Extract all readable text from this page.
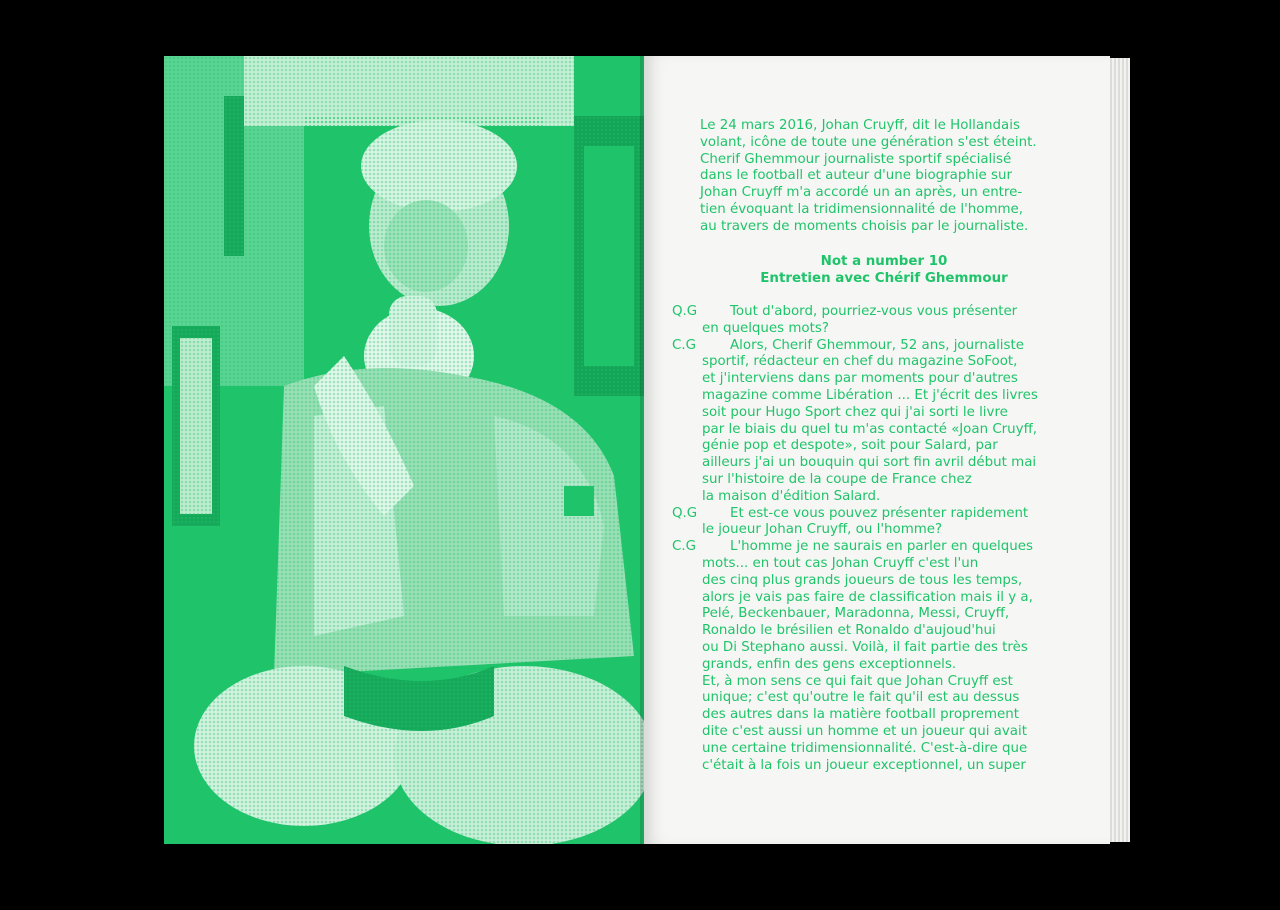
Le 24 mars 2016, Johan Cruyff, dit le Hollandais

volant, icône de toute une génération s'est éteint.

Cherif Ghemmour journaliste sportif spécialisé

dans le football et auteur d'une biographie sur

Johan Cruyff m'a accordé un an après, un entre-

tien évoquant la tridimensionnalité de l'homme,

au travers de moments choisis par le journaliste.

Not a number 10
Entretien avec Chérif Ghemmour
Q.G	Tout d'abord, pourriez-vous vous présenter
en quelques mots?
C.G	Alors, Cherif Ghemmour, 52 ans, journaliste
sportif, rédacteur en chef du magazine SoFoot,
et j'interviens dans par moments pour d'autres
magazine comme Libération ... Et j'écrit des livres
soit pour Hugo Sport chez qui j'ai sorti le livre
par le biais du quel tu m'as contacté «Joan Cruyff,
génie pop et despote», soit pour Salard, par
ailleurs j'ai un bouquin qui sort fin avril début mai
sur l'histoire de la coupe de France chez
la maison d'édition Salard.
Q.G	Et est-ce vous pouvez présenter rapidement
le joueur Johan Cruyff, ou l'homme?
C.G	L'homme je ne saurais en parler en quelques
mots... en tout cas Johan Cruyff c'est l'un
des cinq plus grands joueurs de tous les temps,
alors je vais pas faire de classification mais il y a,
Pelé, Beckenbauer, Maradonna, Messi, Cruyff,
Ronaldo le brésilien et Ronaldo d'aujoud'hui
ou Di Stephano aussi. Voilà, il fait partie des très
grands, enfin des gens exceptionnels.
Et, à mon sens ce qui fait que Johan Cruyff est
unique; c'est qu'outre le fait qu'il est au dessus
des autres dans la matière football proprement
dite c'est aussi un homme et un joueur qui avait
une certaine tridimensionnalité. C'est-à-dire que
c'était à la fois un joueur exceptionnel, un super
